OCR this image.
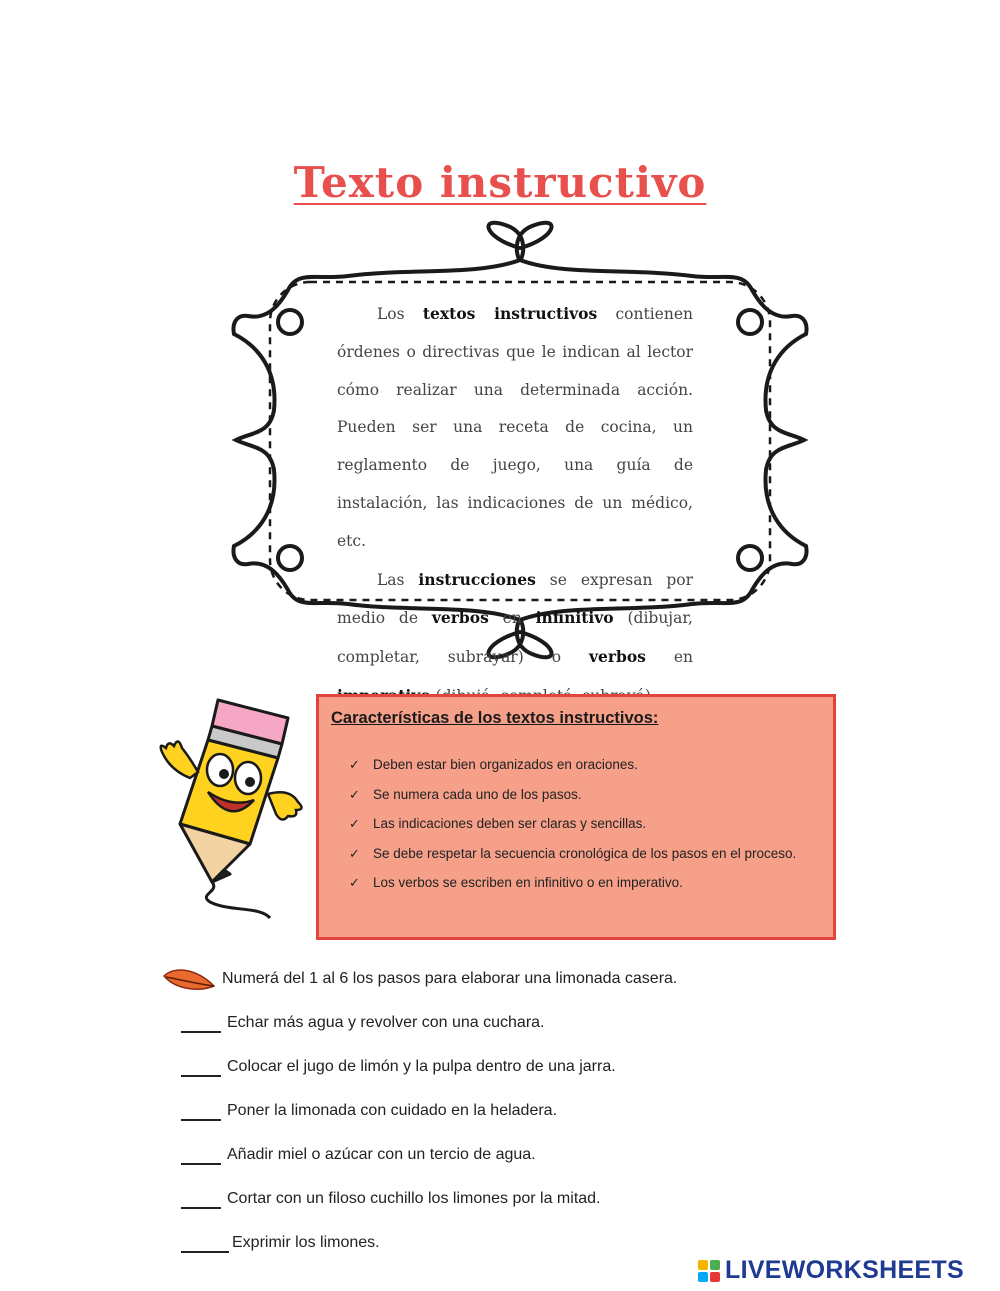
Texto instructivo

Los textos instructivos contienen órdenes o directivas que le indican al lector cómo realizar una determinada acción. Pueden ser una receta de cocina, un reglamento de juego, una guía de instalación, las indicaciones de un médico, etc.

Las instrucciones se expresan por medio de verbos en infinitivo (dibujar, completar, subrayar) o verbos en

Características de los textos instructivos:
✓ Deben estar bien organizados en oraciones.
✓ Se numera cada uno de los pasos.
✓ Las indicaciones deben ser claras y sencillas.
✓ Se debe respetar la secuencia cronológica de los pasos en el proceso.
✓ Los verbos se escriben en infinitivo o en imperativo.
Numerá del 1 al 6 los pasos para elaborar una limonada casera.
Echar más agua y revolver con una cuchara.
Colocar el jugo de limón y la pulpa dentro de una jarra.
Poner la limonada con cuidado en la heladera.
Añadir miel o azúcar con un tercio de agua.
Cortar con un filoso cuchillo los limones por la mitad.
Exprimir los limones.
LIVEWORKSHEETS
